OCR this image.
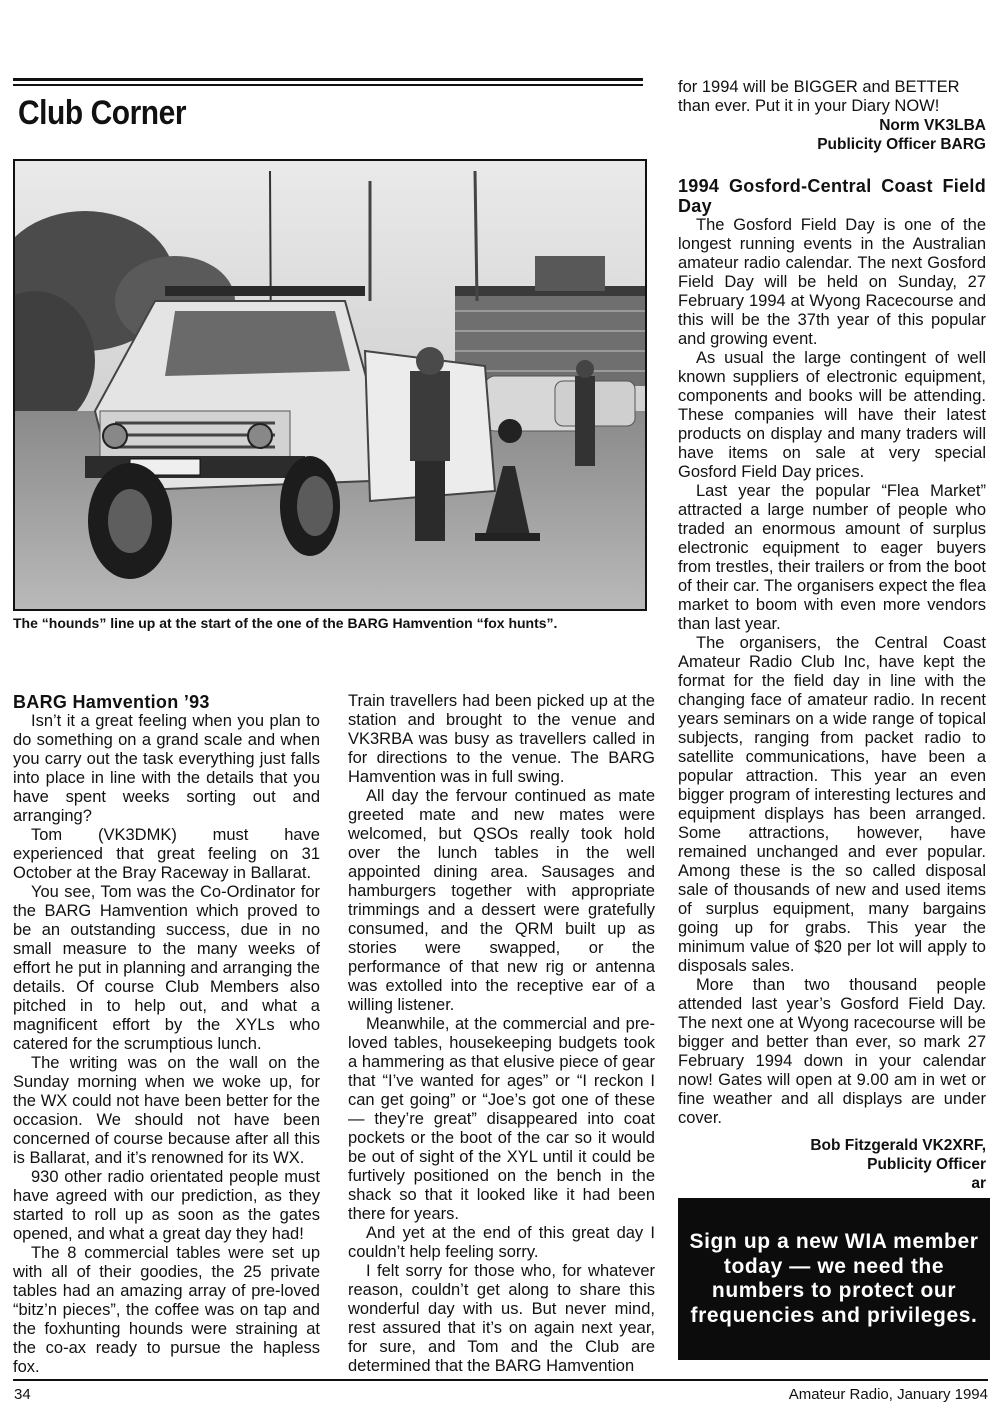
Club Corner

The “hounds” line up at the start of the one of the BARG Hamvention “fox hunts”.

BARG Hamvention ’93

Isn’t it a great feeling when you plan to do something on a grand scale and when you carry out the task everything just falls into place in line with the details that you have spent weeks sorting out and arranging?

Tom (VK3DMK) must have experienced that great feeling on 31 October at the Bray Raceway in Ballarat.

You see, Tom was the Co-Ordinator for the BARG Hamvention which proved to be an outstanding success, due in no small measure to the many weeks of effort he put in planning and arranging the details. Of course Club Members also pitched in to help out, and what a magnificent effort by the XYLs who catered for the scrumptious lunch.

The writing was on the wall on the Sunday morning when we woke up, for the WX could not have been better for the occasion. We should not have been concerned of course because after all this is Ballarat, and it’s renowned for its WX.

930 other radio orientated people must have agreed with our prediction, as they started to roll up as soon as the gates opened, and what a great day they had!

The 8 commercial tables were set up with all of their goodies, the 25 private tables had an amazing array of pre-loved “bitz’n pieces”, the coffee was on tap and the foxhunting hounds were straining at the co-ax ready to pursue the hapless fox.

Train travellers had been picked up at the station and brought to the venue and VK3RBA was busy as travellers called in for directions to the venue. The BARG Hamvention was in full swing.

All day the fervour continued as mate greeted mate and new mates were welcomed, but QSOs really took hold over the lunch tables in the well appointed dining area. Sausages and hamburgers together with appropriate trimmings and a dessert were gratefully consumed, and the QRM built up as stories were swapped, or the performance of that new rig or antenna was extolled into the receptive ear of a willing listener.

Meanwhile, at the commercial and pre-loved tables, housekeeping budgets took a hammering as that elusive piece of gear that “I’ve wanted for ages” or “I reckon I can get going” or “Joe’s got one of these — they’re great” disappeared into coat pockets or the boot of the car so it would be out of sight of the XYL until it could be furtively positioned on the bench in the shack so that it looked like it had been there for years.

And yet at the end of this great day I couldn’t help feeling sorry.

I felt sorry for those who, for whatever reason, couldn’t get along to share this wonderful day with us. But never mind, rest assured that it’s on again next year, for sure, and Tom and the Club are determined that the BARG Hamvention

for 1994 will be BIGGER and BETTER than ever. Put it in your Diary NOW!

Norm VK3LBA
Publicity Officer BARG
1994 Gosford-Central Coast Field Day

The Gosford Field Day is one of the longest running events in the Australian amateur radio calendar. The next Gosford Field Day will be held on Sunday, 27 February 1994 at Wyong Racecourse and this will be the 37th year of this popular and growing event.

As usual the large contingent of well known suppliers of electronic equipment, components and books will be attending. These companies will have their latest products on display and many traders will have items on sale at very special Gosford Field Day prices.

Last year the popular “Flea Market” attracted a large number of people who traded an enormous amount of surplus electronic equipment to eager buyers from trestles, their trailers or from the boot of their car. The organisers expect the flea market to boom with even more vendors than last year.

The organisers, the Central Coast Amateur Radio Club Inc, have kept the format for the field day in line with the changing face of amateur radio. In recent years seminars on a wide range of topical subjects, ranging from packet radio to satellite communications, have been a popular attraction. This year an even bigger program of interesting lectures and equipment displays has been arranged. Some attractions, however, have remained unchanged and ever popular. Among these is the so called disposal sale of thousands of new and used items of surplus equipment, many bargains going up for grabs. This year the minimum value of $20 per lot will apply to disposals sales.

More than two thousand people attended last year’s Gosford Field Day. The next one at Wyong racecourse will be bigger and better than ever, so mark 27 February 1994 down in your calendar now! Gates will open at 9.00 am in wet or fine weather and all displays are under cover.

Bob Fitzgerald VK2XRF,
Publicity Officer
ar
Sign up a new WIA member today — we need the numbers to protect our frequencies and privileges.
34	Amateur Radio, January 1994
